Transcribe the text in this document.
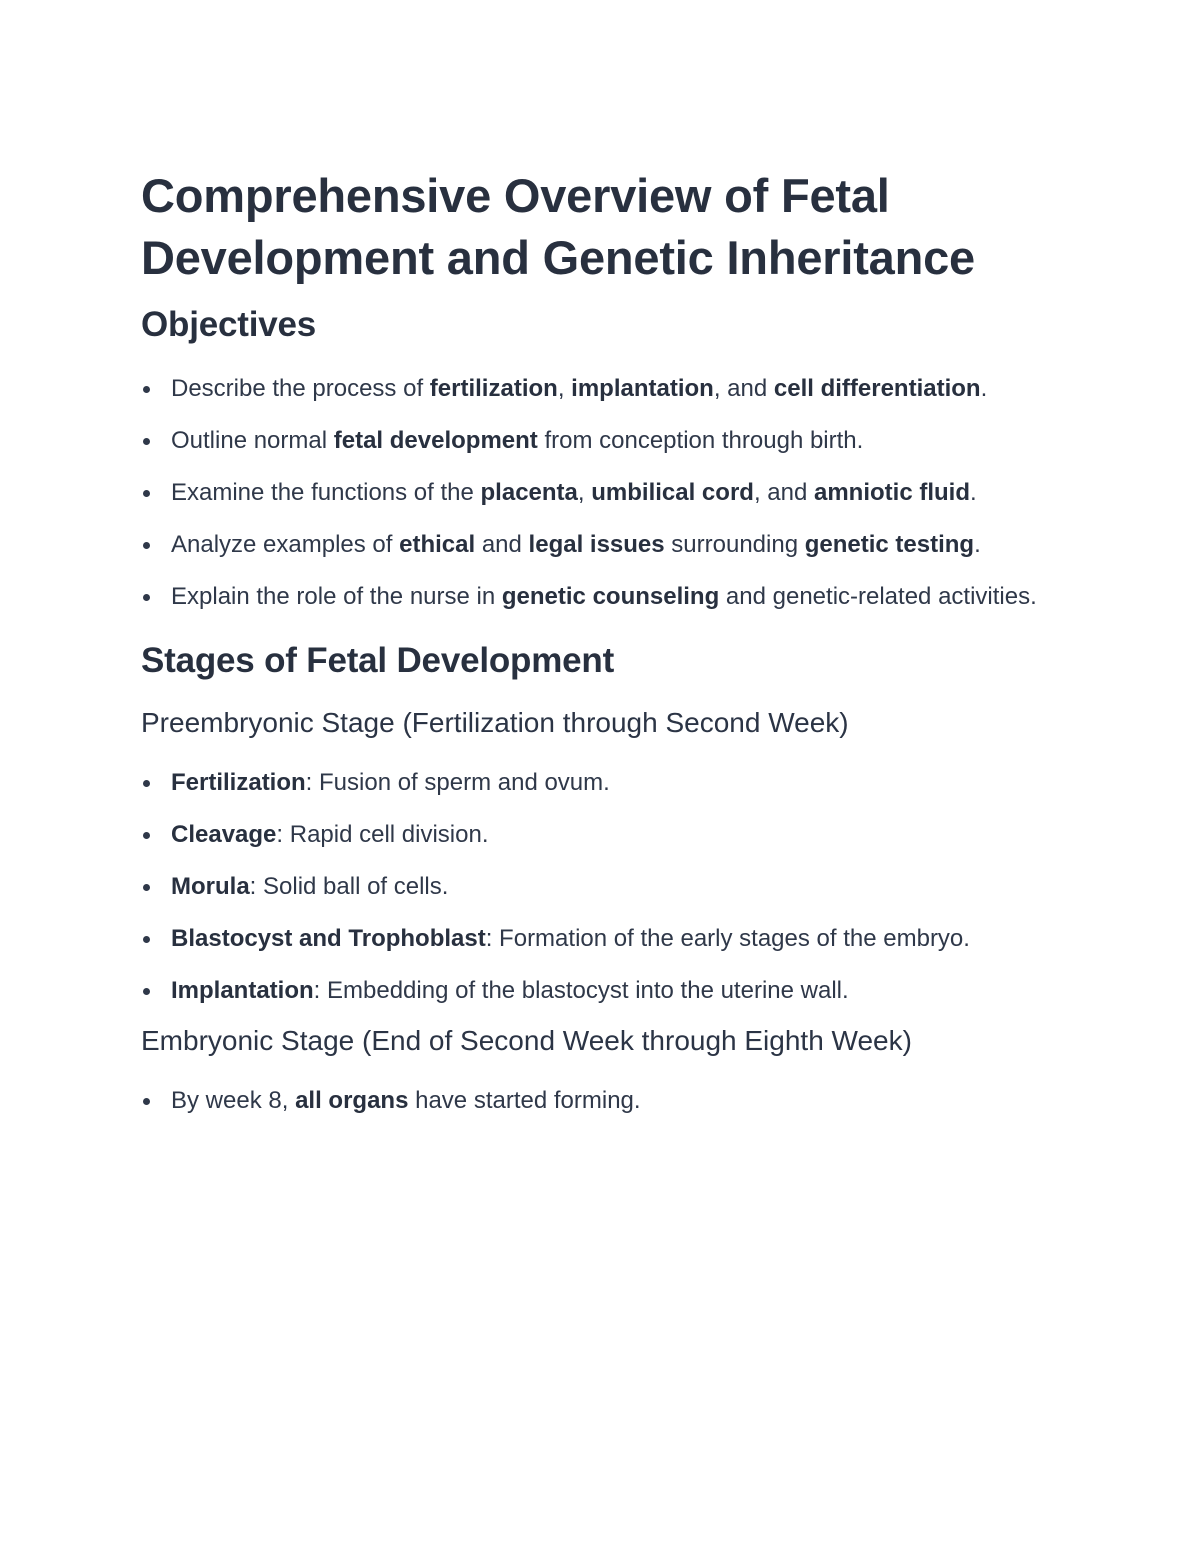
Comprehensive Overview of Fetal Development and Genetic Inheritance
Objectives
Describe the process of fertilization, implantation, and cell differentiation.
Outline normal fetal development from conception through birth.
Examine the functions of the placenta, umbilical cord, and amniotic fluid.
Analyze examples of ethical and legal issues surrounding genetic testing.
Explain the role of the nurse in genetic counseling and genetic-related activities.
Stages of Fetal Development
Preembryonic Stage (Fertilization through Second Week)
Fertilization: Fusion of sperm and ovum.
Cleavage: Rapid cell division.
Morula: Solid ball of cells.
Blastocyst and Trophoblast: Formation of the early stages of the embryo.
Implantation: Embedding of the blastocyst into the uterine wall.
Embryonic Stage (End of Second Week through Eighth Week)
By week 8, all organs have started forming.
